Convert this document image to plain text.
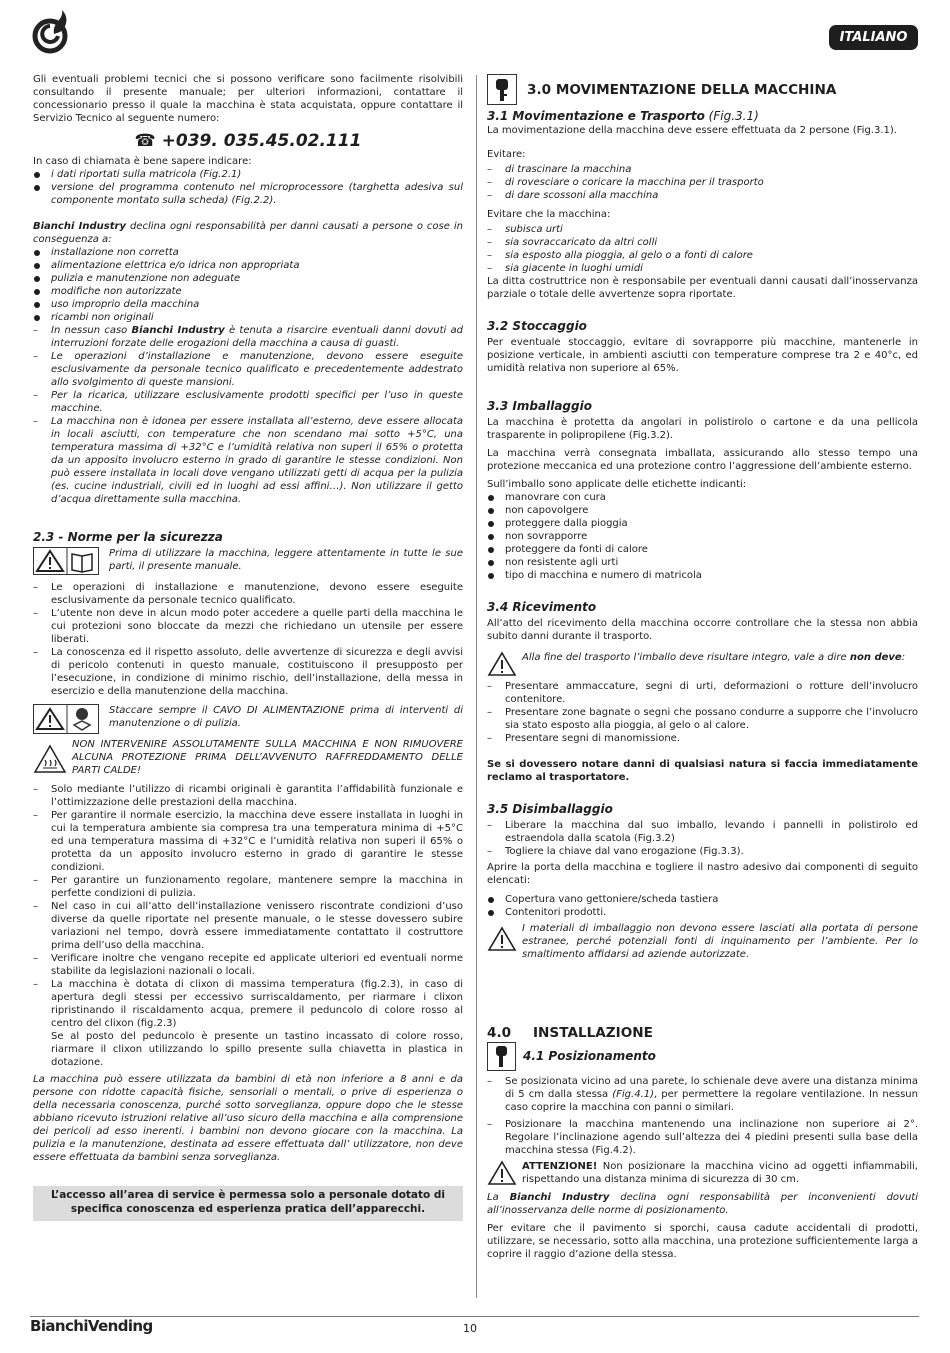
ITALIANO

Gli eventuali problemi tecnici che si possono verificare sono facilmente risolvibili consultando il presente manuale; per ulteriori informazioni, contattare il concessionario presso il quale la macchina è stata acquistata, oppure contattare il Servizio Tecnico al seguente numero:

☎ +039. 035.45.02.111

In caso di chiamata è bene sapere indicare:

i dati riportati sulla matricola (Fig.2.1)
versione del programma contenuto nel microprocessore (targhetta adesiva sul componente montato sulla scheda) (Fig.2.2).

Bianchi Industry declina ogni responsabilità per danni causati a persone o cose in conseguenza a:

installazione non corretta
alimentazione elettrica e/o idrica non appropriata
pulizia e manutenzione non adeguate
modifiche non autorizzate
uso improprio della macchina
ricambi non originali
– In nessun caso Bianchi Industry è tenuta a risarcire eventuali danni dovuti ad interruzioni forzate delle erogazioni della macchina a causa di guasti.
– Le operazioni d’installazione e manutenzione, devono essere eseguite esclusivamente da personale tecnico qualificato e precedentemente addestrato allo svolgimento di queste mansioni.
– Per la ricarica, utilizzare esclusivamente prodotti specifici per l’uso in queste macchine.
– La macchina non è idonea per essere installata all’esterno, deve essere allocata in locali asciutti, con temperature che non scendano mai sotto +5°C, una temperatura massima di +32°C e l’umidità relativa non superi il 65% o protetta da un apposito involucro esterno in grado di garantire le stesse condizioni. Non può essere installata in locali dove vengano utilizzati getti di acqua per la pulizia (es. cucine industriali, civili ed in luoghi ad essi affini…). Non utilizzare il getto d’acqua direttamente sulla macchina.
2.3 - Norme per la sicurezza

Prima di utilizzare la macchina, leggere attentamente in tutte le sue parti, il presente manuale.

– Le operazioni di installazione e manutenzione, devono essere eseguite esclusivamente da personale tecnico qualificato.
– L’utente non deve in alcun modo poter accedere a quelle parti della macchina le cui protezioni sono bloccate da mezzi che richiedano un utensile per essere liberati.
– La conoscenza ed il rispetto assoluto, delle avvertenze di sicurezza e degli avvisi di pericolo contenuti in questo manuale, costituiscono il presupposto per l’esecuzione, in condizione di minimo rischio, dell’installazione, della messa in esercizio e della manutenzione della macchina.

Staccare sempre il CAVO DI ALIMENTAZIONE prima di interventi di manutenzione o di pulizia.

NON INTERVENIRE ASSOLUTAMENTE SULLA MACCHINA E NON RIMUOVERE ALCUNA PROTEZIONE PRIMA DELL’AVVENUTO RAFFREDDAMENTO DELLE PARTI CALDE!

– Solo mediante l’utilizzo di ricambi originali è garantita l’affidabilità funzionale e l’ottimizzazione delle prestazioni della macchina.
– Per garantire il normale esercizio, la macchina deve essere installata in luoghi in cui la temperatura ambiente sia compresa tra una temperatura minima di +5°C ed una temperatura massima di +32°C e l’umidità relativa non superi il 65% o protetta da un apposito involucro esterno in grado di garantire le stesse condizioni.
– Per garantire un funzionamento regolare, mantenere sempre la macchina in perfette condizioni di pulizia.
– Nel caso in cui all’atto dell’installazione venissero riscontrate condizioni d’uso diverse da quelle riportate nel presente manuale, o le stesse dovessero subire variazioni nel tempo, dovrà essere immediatamente contattato il costruttore prima dell’uso della macchina.
– Verificare inoltre che vengano recepite ed applicate ulteriori ed eventuali norme stabilite da legislazioni nazionali o locali.
– La macchina è dotata di clixon di massima temperatura (fig.2.3), in caso di apertura degli stessi per eccessivo surriscaldamento, per riarmare i clixon ripristinando il riscaldamento acqua, premere il peduncolo di colore rosso al centro del clixon (fig.2.3)

Se al posto del peduncolo è presente un tastino incassato di colore rosso, riarmare il clixon utilizzando lo spillo presente sulla chiavetta in plastica in dotazione.

La macchina può essere utilizzata da bambini di età non inferiore a 8 anni e da persone con ridotte capacità fisiche, sensoriali o mentali, o prive di esperienza o della necessaria conoscenza, purché sotto sorveglianza, oppure dopo che le stesse abbiano ricevuto istruzioni relative all’uso sicuro della macchina e alla comprensione dei pericoli ad esso inerenti. i bambini non devono giocare con la macchina. La pulizia e la manutenzione, destinata ad essere effettuata dall’ utilizzatore, non deve essere effettuata da bambini senza sorveglianza.

L’accesso all’area di service è permessa solo a personale dotato di specifica conoscenza ed esperienza pratica dell’apparecchi.
3.0 MOVIMENTAZIONE DELLA MACCHINA

3.1 Movimentazione e Trasporto (Fig.3.1)

La movimentazione della macchina deve essere effettuata da 2 persone (Fig.3.1).

Evitare:

– di trascinare la macchina
– di rovesciare o coricare la macchina per il trasporto
– di dare scossoni alla macchina

Evitare che la macchina:

– subisca urti
– sia sovraccaricato da altri colli
– sia esposto alla pioggia, al gelo o a fonti di calore
– sia giacente in luoghi umidi

La ditta costruttrice non è responsabile per eventuali danni causati dall’inosservanza parziale o totale delle avvertenze sopra riportate.

3.2 Stoccaggio

Per eventuale stoccaggio, evitare di sovrapporre più macchine, mantenerle in posizione verticale, in ambienti asciutti con temperature comprese tra 2 e 40°c, ed umidità relativa non superiore al 65%.

3.3 Imballaggio

La macchina è protetta da angolari in polistirolo o cartone e da una pellicola trasparente in polipropilene (Fig.3.2).

La macchina verrà consegnata imballata, assicurando allo stesso tempo una protezione meccanica ed una protezione contro l’aggressione dell’ambiente esterno.

Sull’imballo sono applicate delle etichette indicanti:

manovrare con cura
non capovolgere
proteggere dalla pioggia
non sovrapporre
proteggere da fonti di calore
non resistente agli urti
tipo di macchina e numero di matricola

3.4 Ricevimento

All’atto del ricevimento della macchina occorre controllare che la stessa non abbia subito danni durante il trasporto.

Alla fine del trasporto l’imballo deve risultare integro, vale a dire non deve:

– Presentare ammaccature, segni di urti, deformazioni o rotture dell’involucro contenitore.
– Presentare zone bagnate o segni che possano condurre a supporre che l’involucro sia stato esposto alla pioggia, al gelo o al calore.
– Presentare segni di manomissione.

Se si dovessero notare danni di qualsiasi natura si faccia immediatamente reclamo al trasportatore.

3.5 Disimballaggio

– Liberare la macchina dal suo imballo, levando i pannelli in polistirolo ed estraendola dalla scatola (Fig.3.2)
– Togliere la chiave dal vano erogazione (Fig.3.3).

Aprire la porta della macchina e togliere il nastro adesivo dai componenti di seguito elencati:

Copertura vano gettoniere/scheda tastiera
Contenitori prodotti.

I materiali di imballaggio non devono essere lasciati alla portata di persone estranee, perché potenziali fonti di inquinamento per l’ambiente. Per lo smaltimento affidarsi ad aziende autorizzate.

4.0	INSTALLAZIONE
4.1 Posizionamento
– Se posizionata vicino ad una parete, lo schienale deve avere una distanza minima di 5 cm dalla stessa (Fig.4.1), per permettere la regolare ventilazione. In nessun caso coprire la macchina con panni o similari.
– Posizionare la macchina mantenendo una inclinazione non superiore ai 2°. Regolare l’inclinazione agendo sull’altezza dei 4 piedini presenti sulla base della macchina stessa (Fig.4.2).

ATTENZIONE! Non posizionare la macchina vicino ad oggetti infiammabili, rispettando una distanza minima di sicurezza di 30 cm.

La Bianchi Industry declina ogni responsabilità per inconvenienti dovuti all’inosservanza delle norme di posizionamento.

Per evitare che il pavimento si sporchi, causa cadute accidentali di prodotti, utilizzare, se necessario, sotto alla macchina, una protezione sufficientemente larga a coprire il raggio d’azione della stessa.

BianchiVending	10
